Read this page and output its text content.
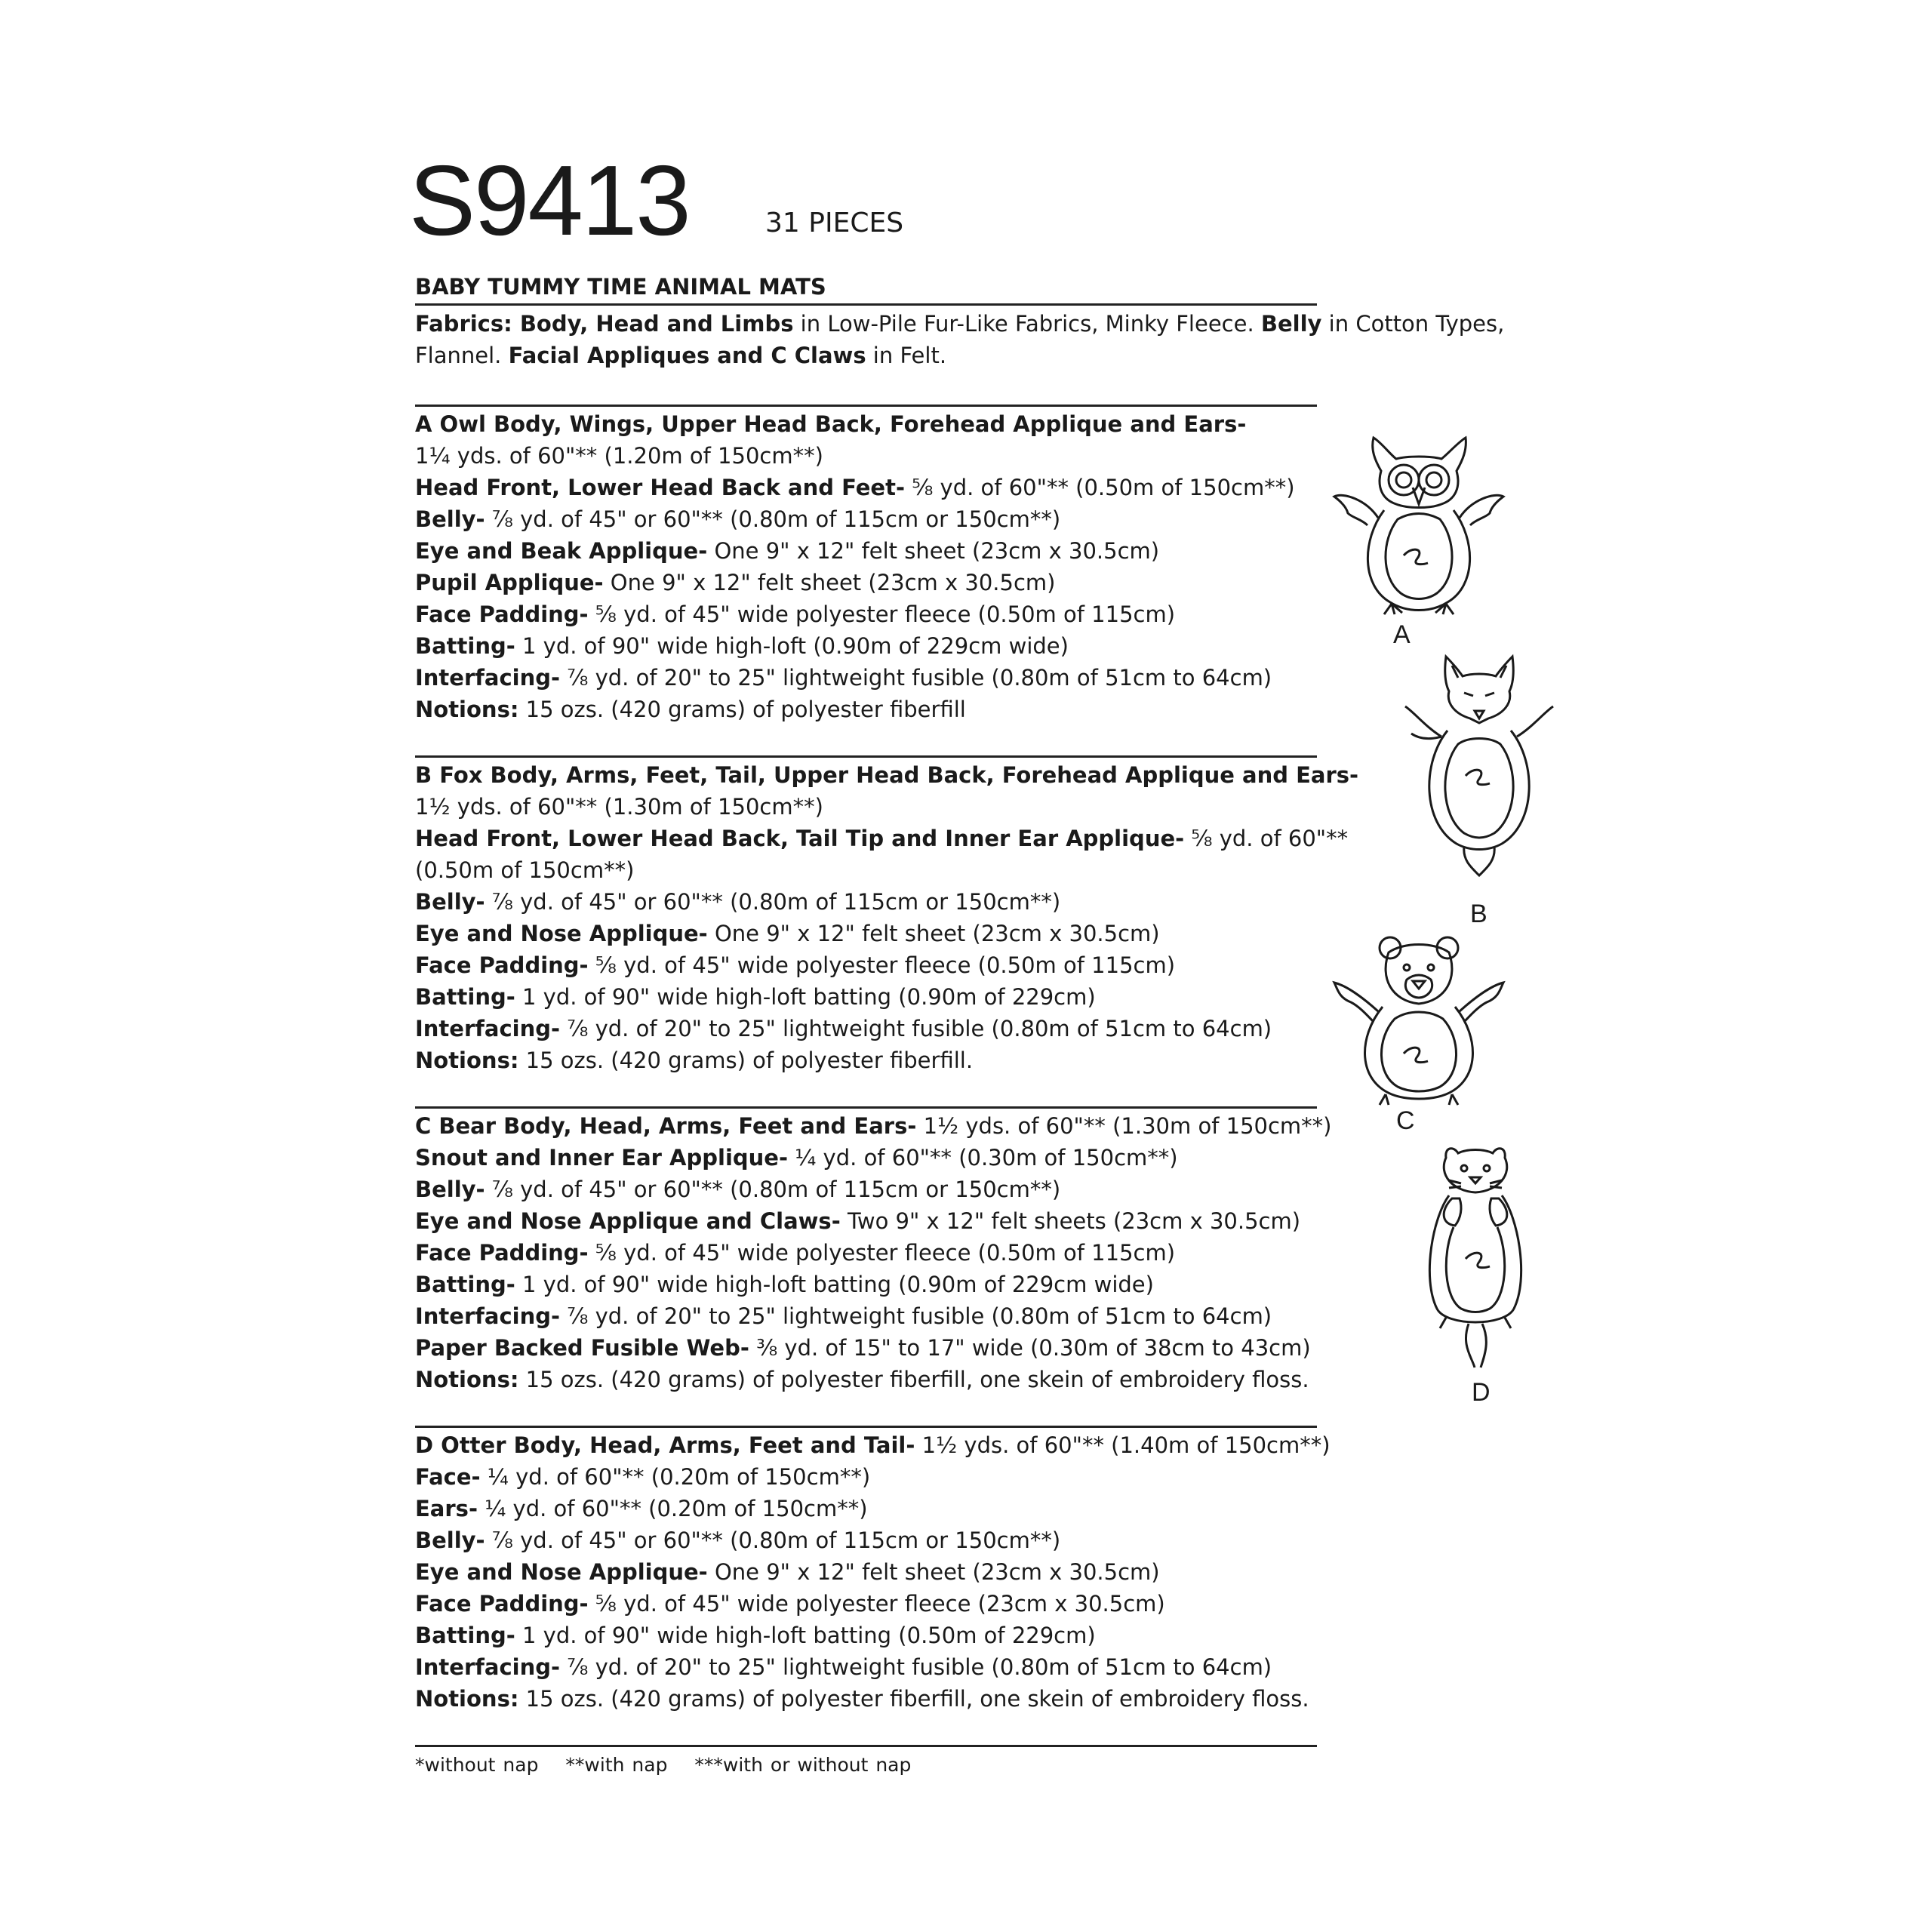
S9413	31 PIECES
BABY TUMMY TIME ANIMAL MATS
Fabrics: Body, Head and Limbs in Low-Pile Fur-Like Fabrics, Minky Fleece. Belly in Cotton Types,
Flannel. Facial Appliques and C Claws in Felt.
A Owl Body, Wings, Upper Head Back, Forehead Applique and Ears-
1¼ yds. of 60"** (1.20m of 150cm**)
Head Front, Lower Head Back and Feet- ⅝ yd. of 60"** (0.50m of 150cm**)
Belly- ⅞ yd. of 45" or 60"** (0.80m of 115cm or 150cm**)
Eye and Beak Applique- One 9" x 12" felt sheet (23cm x 30.5cm)
Pupil Applique- One 9" x 12" felt sheet (23cm x 30.5cm)
Face Padding- ⅝ yd. of 45" wide polyester fleece (0.50m of 115cm)
Batting- 1 yd. of 90" wide high-loft (0.90m of 229cm wide)
Interfacing- ⅞ yd. of 20" to 25" lightweight fusible (0.80m of 51cm to 64cm)
Notions: 15 ozs. (420 grams) of polyester fiberfill
B Fox Body, Arms, Feet, Tail, Upper Head Back, Forehead Applique and Ears-
1½ yds. of 60"** (1.30m of 150cm**)
Head Front, Lower Head Back, Tail Tip and Inner Ear Applique- ⅝ yd. of 60"**
(0.50m of 150cm**)
Belly- ⅞ yd. of 45" or 60"** (0.80m of 115cm or 150cm**)
Eye and Nose Applique- One 9" x 12" felt sheet (23cm x 30.5cm)
Face Padding- ⅝ yd. of 45" wide polyester fleece (0.50m of 115cm)
Batting- 1 yd. of 90" wide high-loft batting (0.90m of 229cm)
Interfacing- ⅞ yd. of 20" to 25" lightweight fusible (0.80m of 51cm to 64cm)
Notions: 15 ozs. (420 grams) of polyester fiberfill.
C Bear Body, Head, Arms, Feet and Ears- 1½ yds. of 60"** (1.30m of 150cm**)
Snout and Inner Ear Applique- ¼ yd. of 60"** (0.30m of 150cm**)
Belly- ⅞ yd. of 45" or 60"** (0.80m of 115cm or 150cm**)
Eye and Nose Applique and Claws- Two 9" x 12" felt sheets (23cm x 30.5cm)
Face Padding- ⅝ yd. of 45" wide polyester fleece (0.50m of 115cm)
Batting- 1 yd. of 90" wide high-loft batting (0.90m of 229cm wide)
Interfacing- ⅞ yd. of 20" to 25" lightweight fusible (0.80m of 51cm to 64cm)
Paper Backed Fusible Web- ⅜ yd. of 15" to 17" wide (0.30m of 38cm to 43cm)
Notions: 15 ozs. (420 grams) of polyester fiberfill, one skein of embroidery floss.
D Otter Body, Head, Arms, Feet and Tail- 1½ yds. of 60"** (1.40m of 150cm**)
Face- ¼ yd. of 60"** (0.20m of 150cm**)
Ears- ¼ yd. of 60"** (0.20m of 150cm**)
Belly- ⅞ yd. of 45" or 60"** (0.80m of 115cm or 150cm**)
Eye and Nose Applique- One 9" x 12" felt sheet (23cm x 30.5cm)
Face Padding- ⅝ yd. of 45" wide polyester fleece (23cm x 30.5cm)
Batting- 1 yd. of 90" wide high-loft batting (0.50m of 229cm)
Interfacing- ⅞ yd. of 20" to 25" lightweight fusible (0.80m of 51cm to 64cm)
Notions: 15 ozs. (420 grams) of polyester fiberfill, one skein of embroidery floss.
*without nap **with nap ***with or without nap
A
B
C
D
